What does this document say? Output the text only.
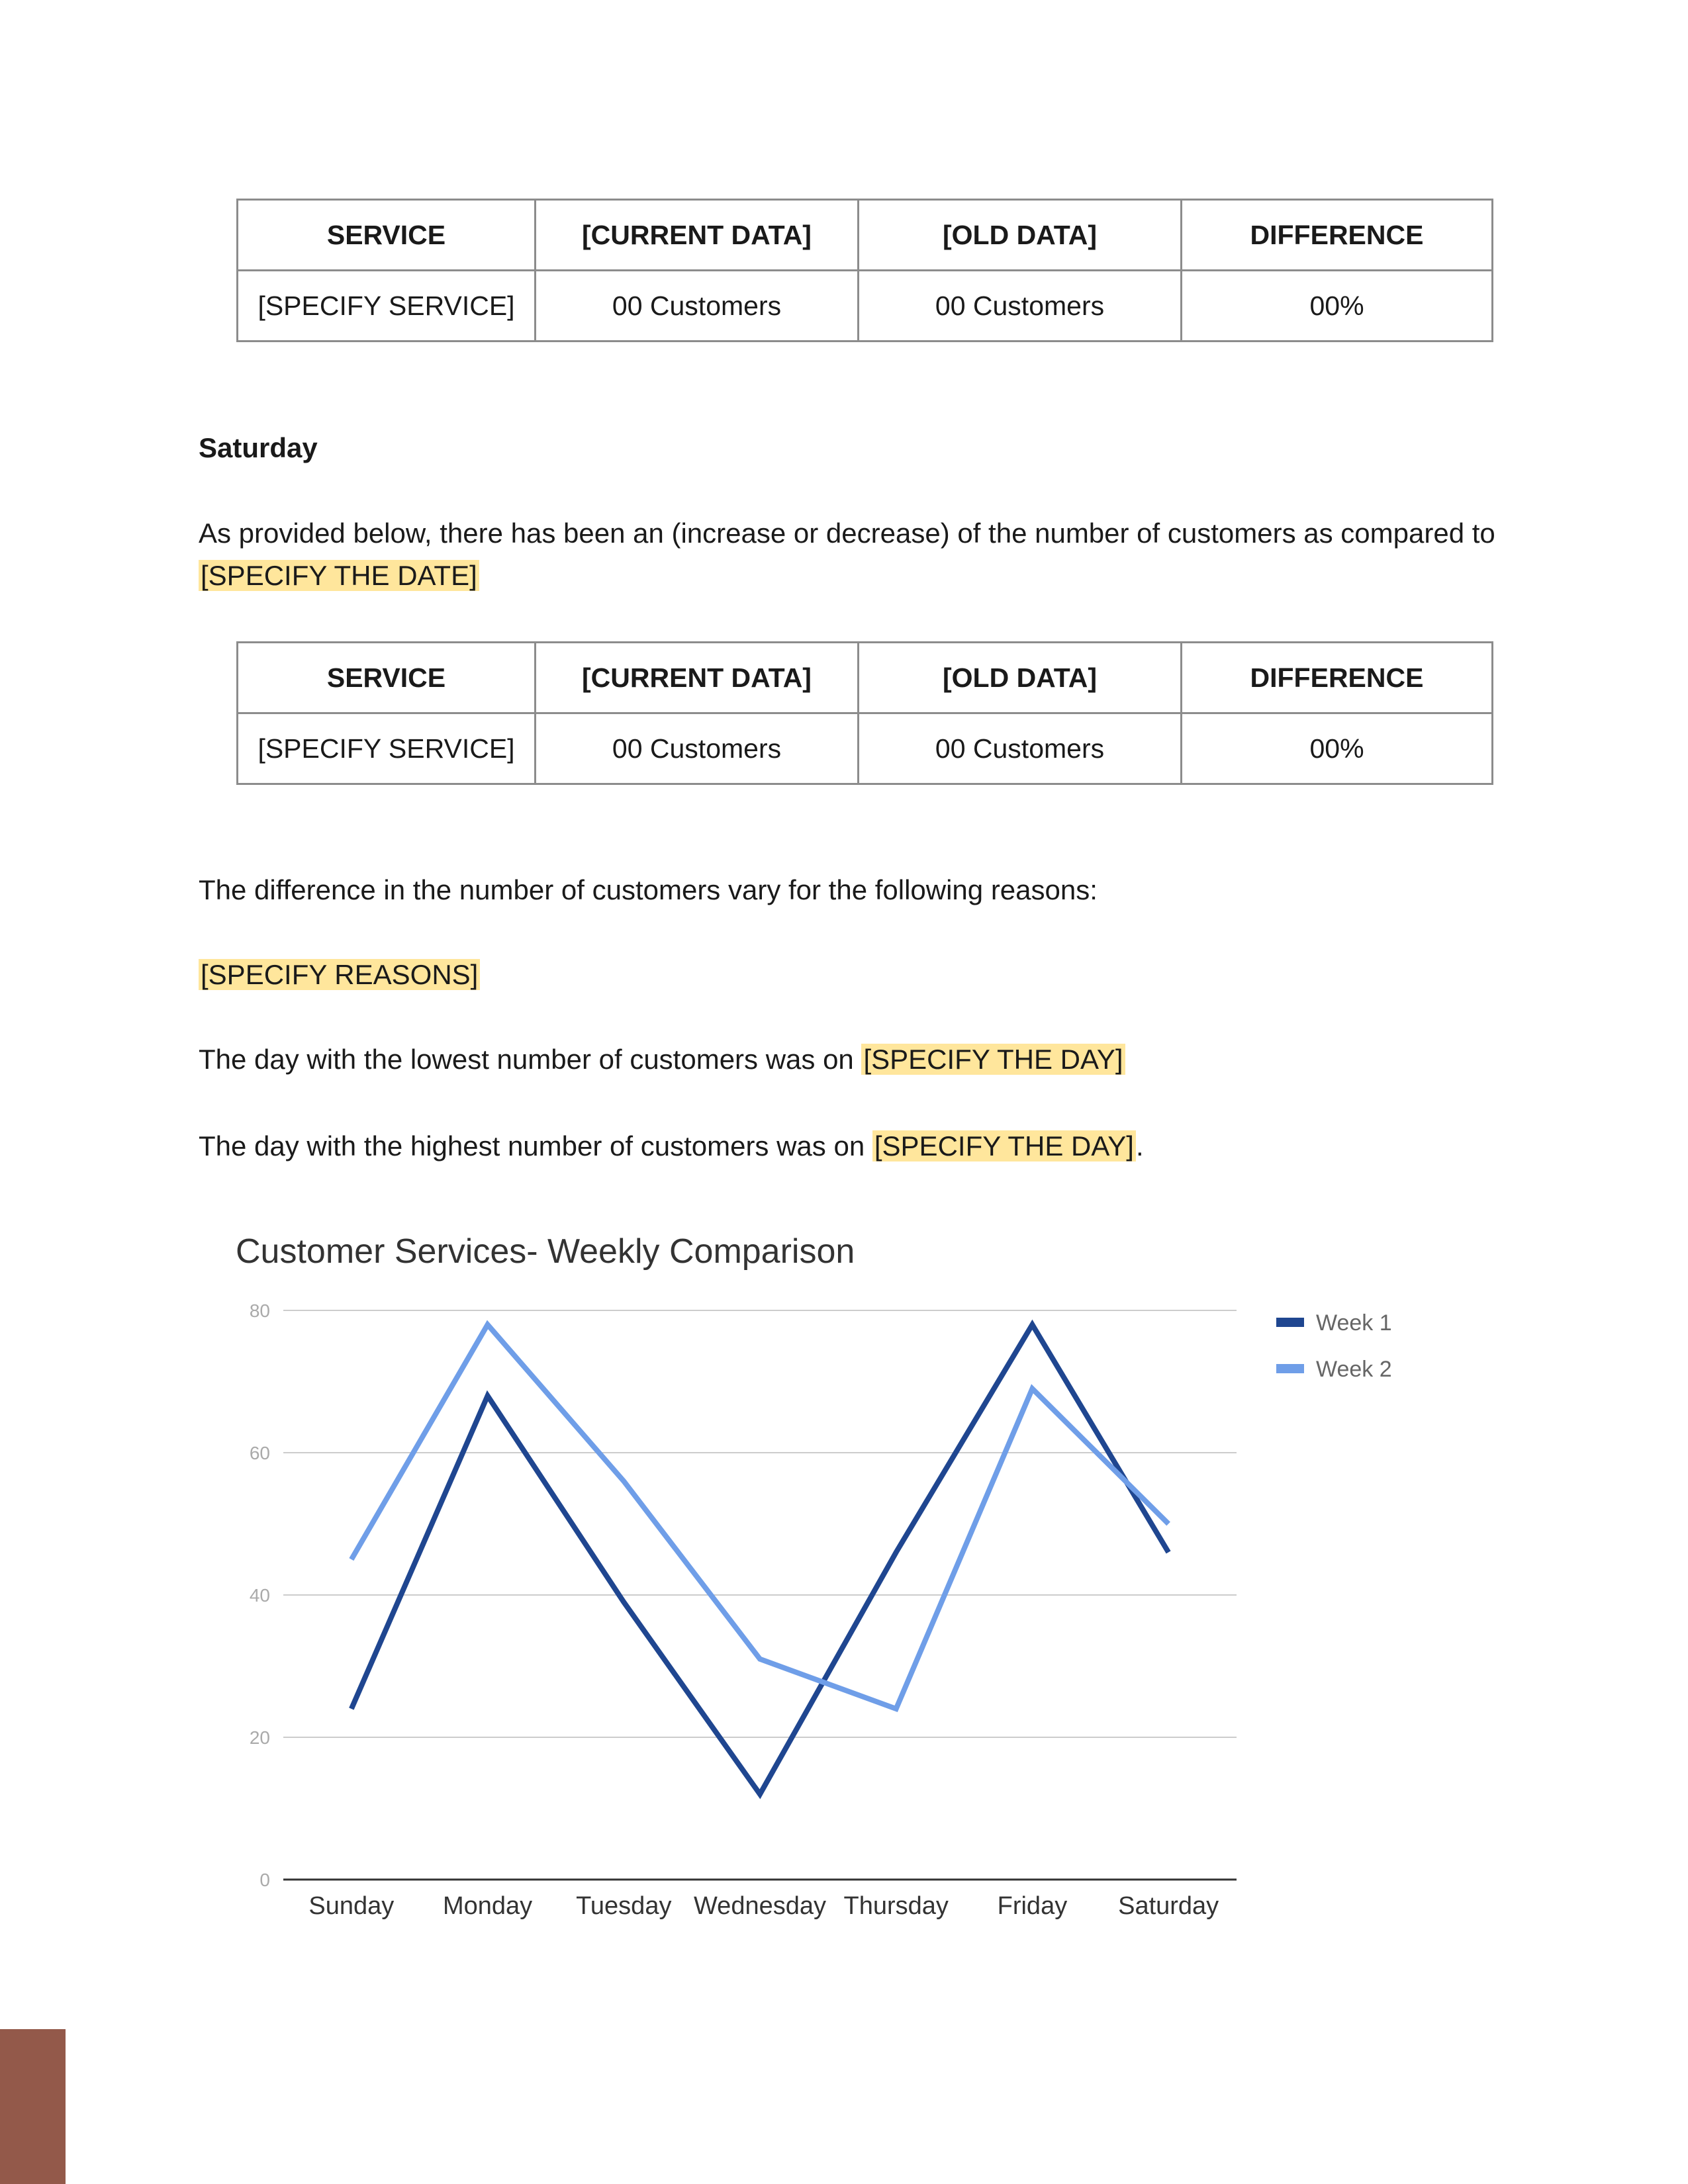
SERVICE	[CURRENT DATA]	[OLD DATA]	DIFFERENCE
[SPECIFY SERVICE]	00 Customers	00 Customers	00%
Saturday
As provided below, there has been an (increase or decrease) of the number of customers as compared to
[SPECIFY THE DATE]
SERVICE	[CURRENT DATA]	[OLD DATA]	DIFFERENCE
[SPECIFY SERVICE]	00 Customers	00 Customers	00%
The difference in the number of customers vary for the following reasons:
[SPECIFY REASONS]
The day with the lowest number of customers was on [SPECIFY THE DAY]
The day with the highest number of customers was on [SPECIFY THE DAY].
Customer Services- Weekly Comparison
0
20
40
60
80
Sunday Monday Tuesday Wednesday Thursday Friday Saturday
Week 1
Week 2
